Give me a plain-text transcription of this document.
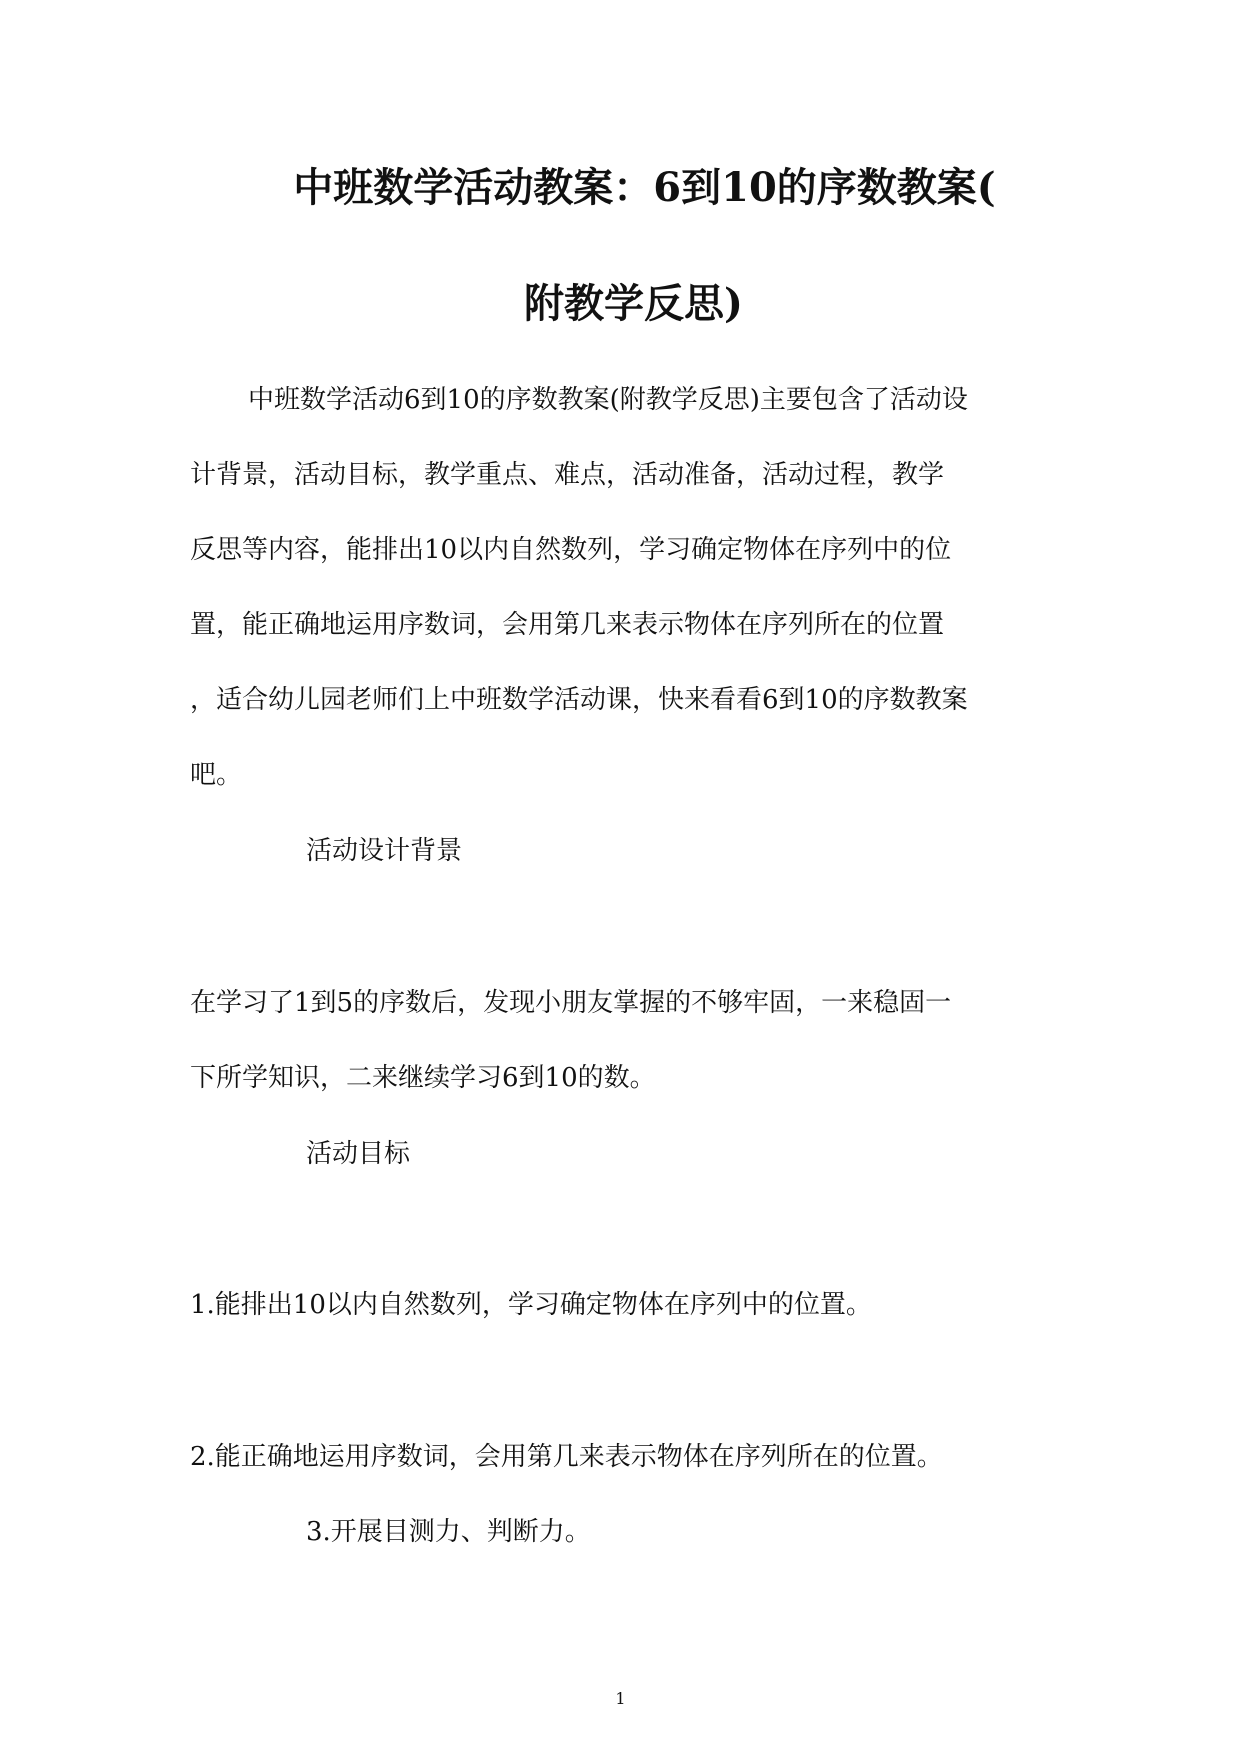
中班数学活动教案：6到10的序数教案(
附教学反思)
中班数学活动6到10的序数教案(附教学反思)主要包含了活动设
计背景，活动目标，教学重点、难点，活动准备，活动过程，教学
反思等内容，能排出10以内自然数列，学习确定物体在序列中的位
置，能正确地运用序数词，会用第几来表示物体在序列所在的位置
，适合幼儿园老师们上中班数学活动课，快来看看6到10的序数教案
吧。
活动设计背景
在学习了1到5的序数后，发现小朋友掌握的不够牢固，一来稳固一
下所学知识，二来继续学习6到10的数。
活动目标
1.能排出10以内自然数列，学习确定物体在序列中的位置。
2.能正确地运用序数词，会用第几来表示物体在序列所在的位置。
3.开展目测力、判断力。
1
